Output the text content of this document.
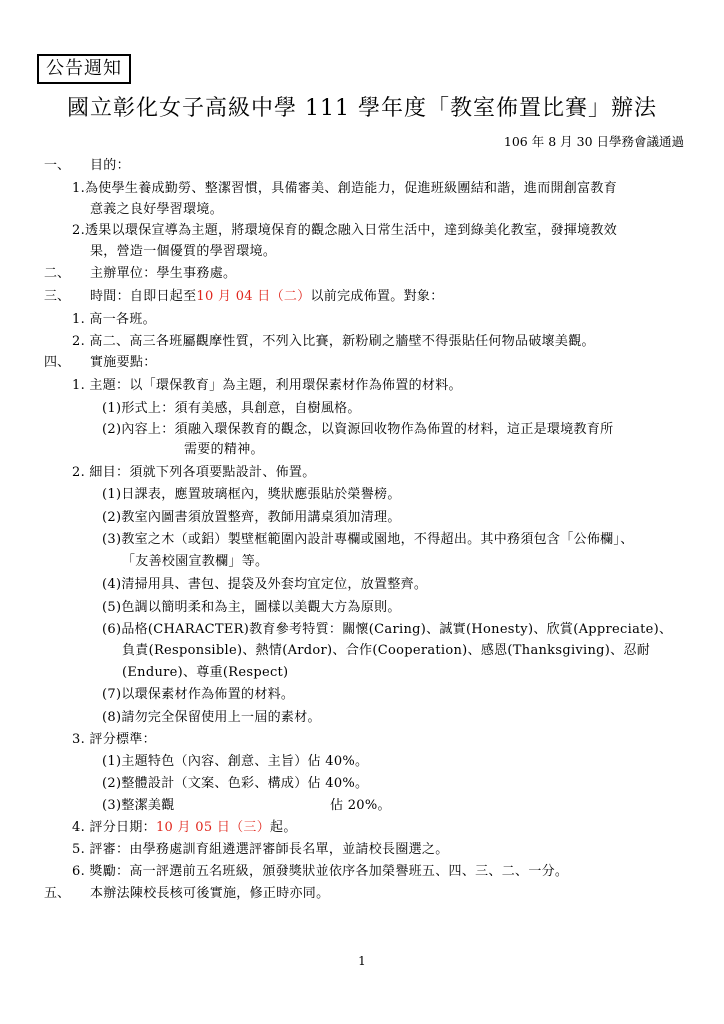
公告週知
國立彰化女子高級中學 111 學年度「教室佈置比賽」辦法
106 年 8 月 30 日學務會議通過
一、 目的：
1.為使學生養成勤勞、整潔習慣，具備審美、創造能力，促進班級團結和諧，進而開創富教育
意義之良好學習環境。
2.透果以環保宣導為主題，將環境保育的觀念融入日常生活中，達到綠美化教室，發揮境教效
果，營造一個優質的學習環境。
二、 主辦單位：學生事務處。
三、 時間：自即日起至10 月 04 日（二）以前完成佈置。對象：
1. 高一各班。
2. 高二、高三各班屬觀摩性質，不列入比賽，新粉刷之牆壁不得張貼任何物品破壞美觀。
四、 實施要點：
1. 主題：以「環保教育」為主題，利用環保素材作為佈置的材料。
(1)形式上：須有美感，具創意，自樹風格。
(2)內容上：須融入環保教育的觀念，以資源回收物作為佈置的材料，這正是環境教育所
需要的精神。
2. 細目：須就下列各項要點設計、佈置。
(1)日課表，應置玻璃框內，獎狀應張貼於榮譽榜。
(2)教室內圖書須放置整齊，教師用講桌須加清理。
(3)教室之木（或鋁）製壁框範圍內設計專欄或園地，不得超出。其中務須包含「公佈欄」、
「友善校園宣教欄」等。
(4)清掃用具、書包、提袋及外套均宜定位，放置整齊。
(5)色調以簡明柔和為主，圖樣以美觀大方為原則。
(6)品格(CHARACTER)教育參考特質：關懷(Caring)、誠實(Honesty)、欣賞(Appreciate)、
負責(Responsible)、熱情(Ardor)、合作(Cooperation)、感恩(Thanksgiving)、忍耐
(Endure)、尊重(Respect)
(7)以環保素材作為佈置的材料。
(8)請勿完全保留使用上一屆的素材。
3. 評分標準：
(1)主題特色（內容、創意、主旨）佔 40%。
(2)整體設計（文案、色彩、構成）佔 40%。
(3)整潔美觀	佔 20%。
4. 評分日期：10 月 05 日（三）起。
5. 評審：由學務處訓育組遴選評審師長名單，並請校長圈選之。
6. 獎勵：高一評選前五名班級，頒發獎狀並依序各加榮譽班五、四、三、二、一分。
五、 本辦法陳校長核可後實施，修正時亦同。
1
